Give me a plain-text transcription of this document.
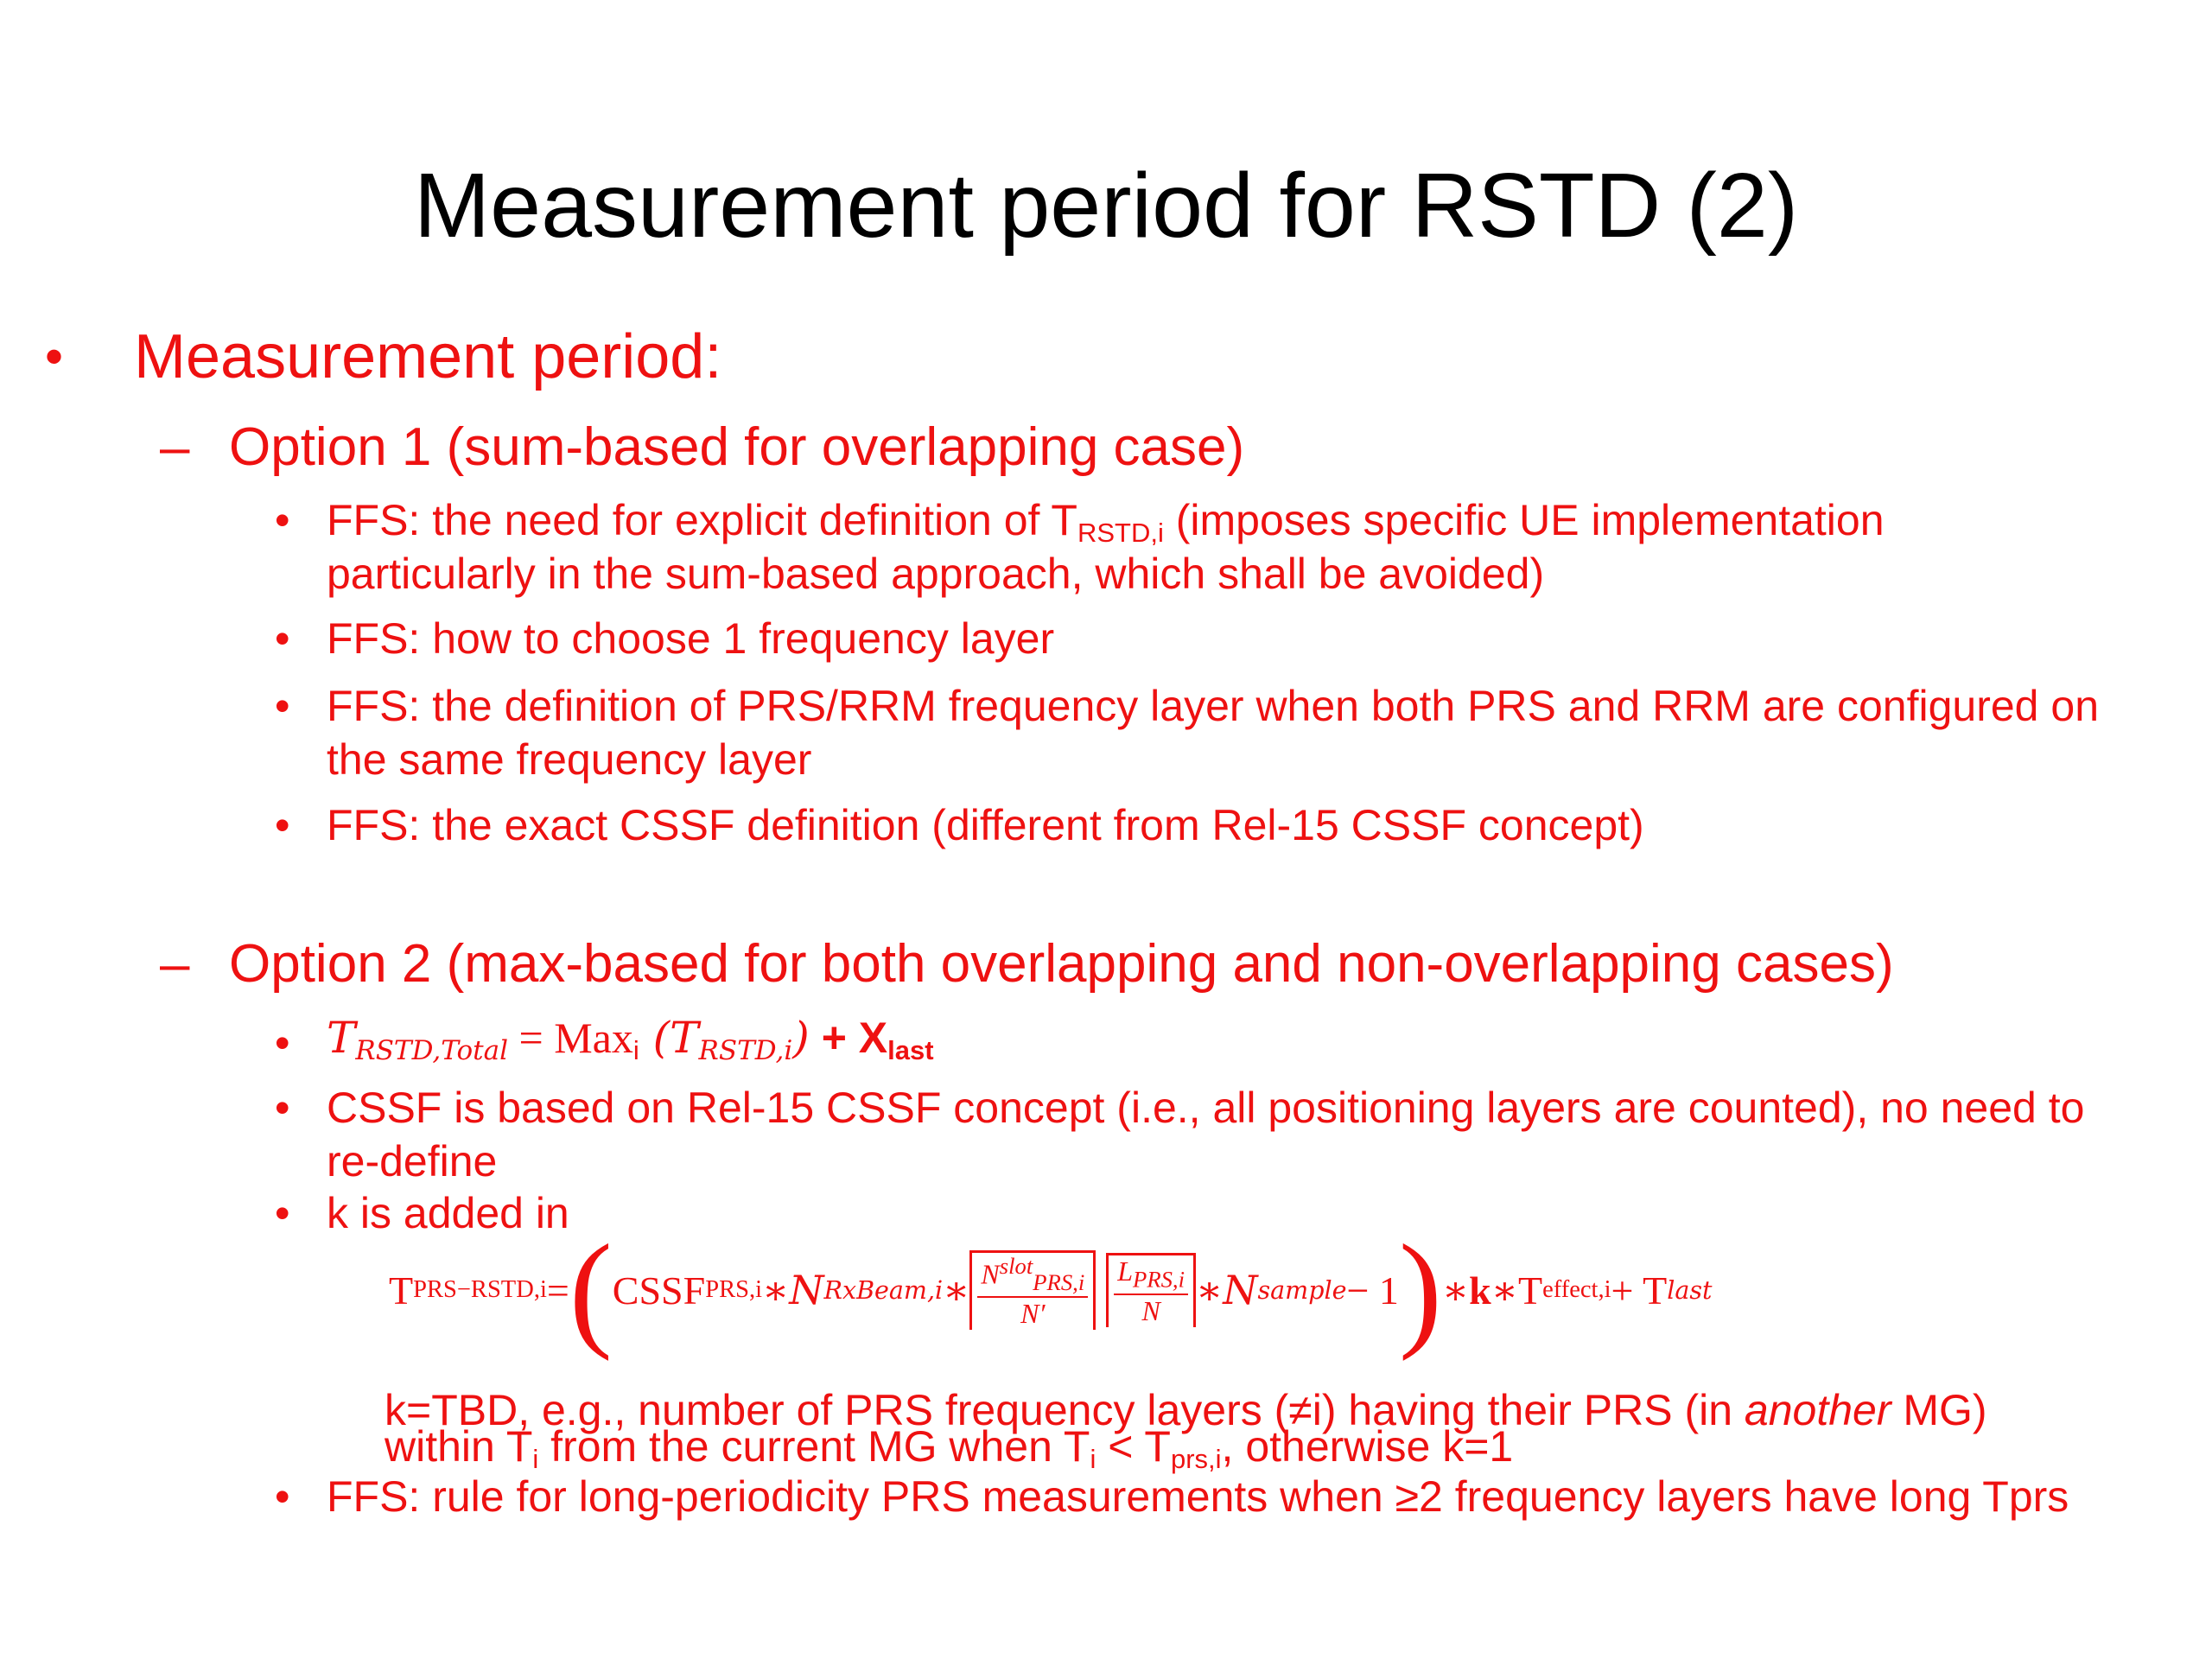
Measurement period for RSTD (2)
• Measurement period:
– Option 1 (sum-based for overlapping case)
• FFS: the need for explicit definition of $T_{RSTD,i}$ (imposes specific UE implementation
particularly in the sum-based approach, which shall be avoided)
• FFS: how to choose 1 frequency layer
• FFS: the definition of PRS/RRM frequency layer when both PRS and RRM are configured on
the same frequency layer
• FFS: the exact CSSF definition (different from Rel-15 CSSF concept)
– Option 2 (max-based for both overlapping and non-overlapping cases)
• $T_{RSTD,Total} = Max_i$ $(T_{RSTD,i}) + X_{last}$
• CSSF is based on Rel-15 CSSF concept (i.e., all positioning layers are counted), no need to
re-define
• k is added in
T PRS−RSTD,i = ( CSSF PRS,i ∗ N RxBeam,i ∗ $\frac{N^{slot}_{PRS,i}}{N'} \frac{L_{PRS,i}}{N}$ ∗ N sample − 1 ) ∗ k ∗ T effect,i + T last
k=TBD, e.g., number of PRS frequency layers (≠i) having their PRS (in another MG)
within $T_i$ from the current MG when $T_i < T_{prs,i}$, otherwise k=1
• FFS: rule for long-periodicity PRS measurements when ≥2 frequency layers have long Tprs
